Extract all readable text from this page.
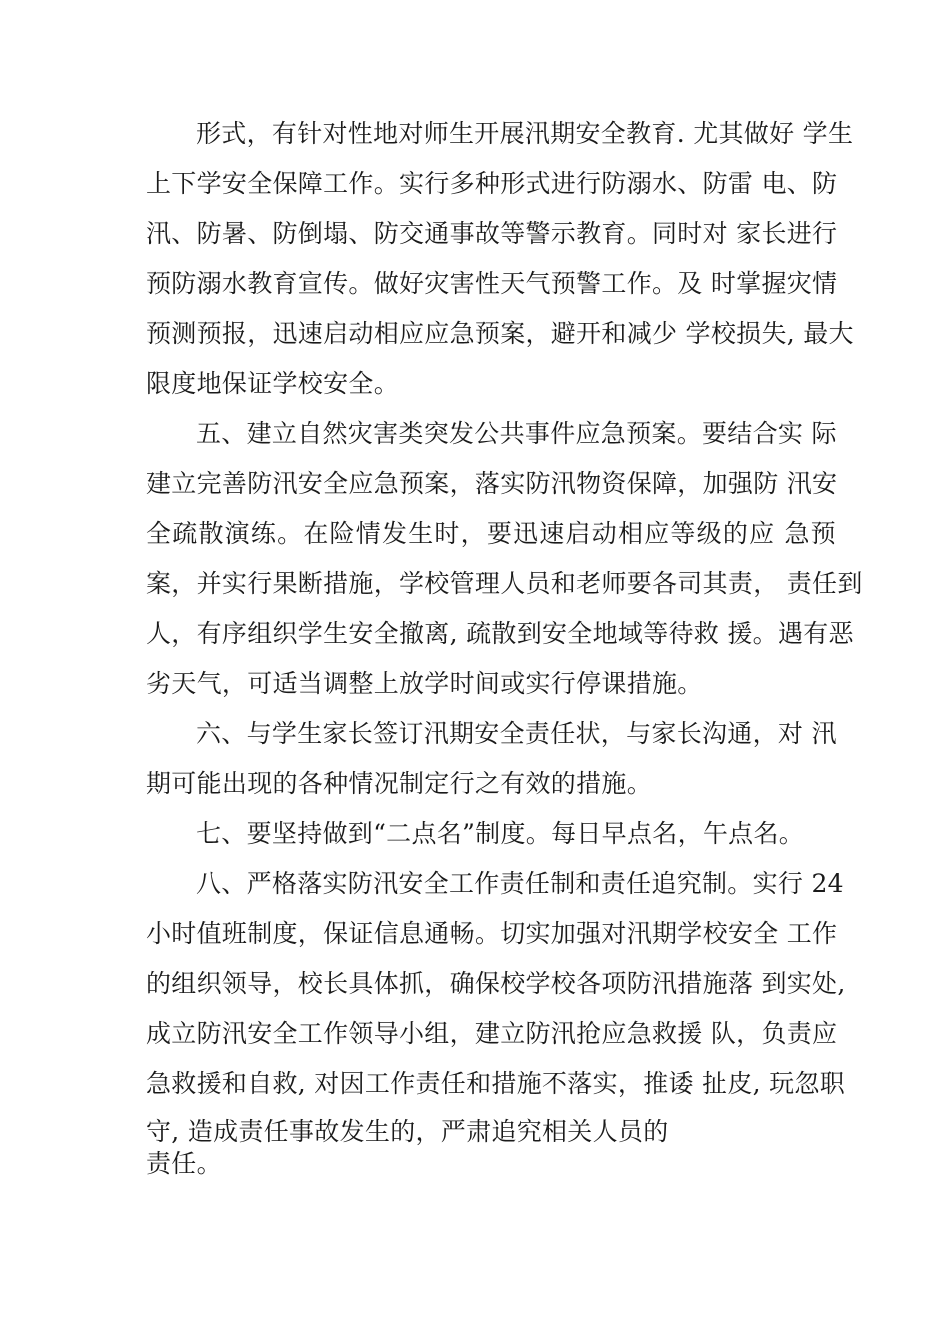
形式，有针对性地对师生开展汛期安全教育. 尤其做好 学生
上下学安全保障工作。实行多种形式进行防溺水、防雷 电、防
汛、防暑、防倒塌、防交通事故等警示教育。同时对 家长进行
预防溺水教育宣传。做好灾害性天气预警工作。及 时掌握灾情
预测预报，迅速启动相应应急预案，避开和减少 学校损失, 最大
限度地保证学校安全。
五、建立自然灾害类突发公共事件应急预案。要结合实 际
建立完善防汛安全应急预案，落实防汛物资保障，加强防 汛安
全疏散演练。在险情发生时，要迅速启动相应等级的应 急预
案，并实行果断措施，学校管理人员和老师要各司其责， 责任到
人，有序组织学生安全撤离, 疏散到安全地域等待救 援。遇有恶
劣天气，可适当调整上放学时间或实行停课措施。
六、与学生家长签订汛期安全责任状，与家长沟通，对 汛
期可能出现的各种情况制定行之有效的措施。
七、要坚持做到“二点名”制度。每日早点名，午点名。
八、严格落实防汛安全工作责任制和责任追究制。实行 24
小时值班制度，保证信息通畅。切实加强对汛期学校安全 工作
的组织领导，校长具体抓，确保校学校各项防汛措施落 到实处,
成立防汛安全工作领导小组，建立防汛抢应急救援 队，负责应
急救援和自救, 对因工作责任和措施不落实，推诿 扯皮, 玩忽职
守, 造成责任事故发生的，严肃追究相关人员的
责任。
